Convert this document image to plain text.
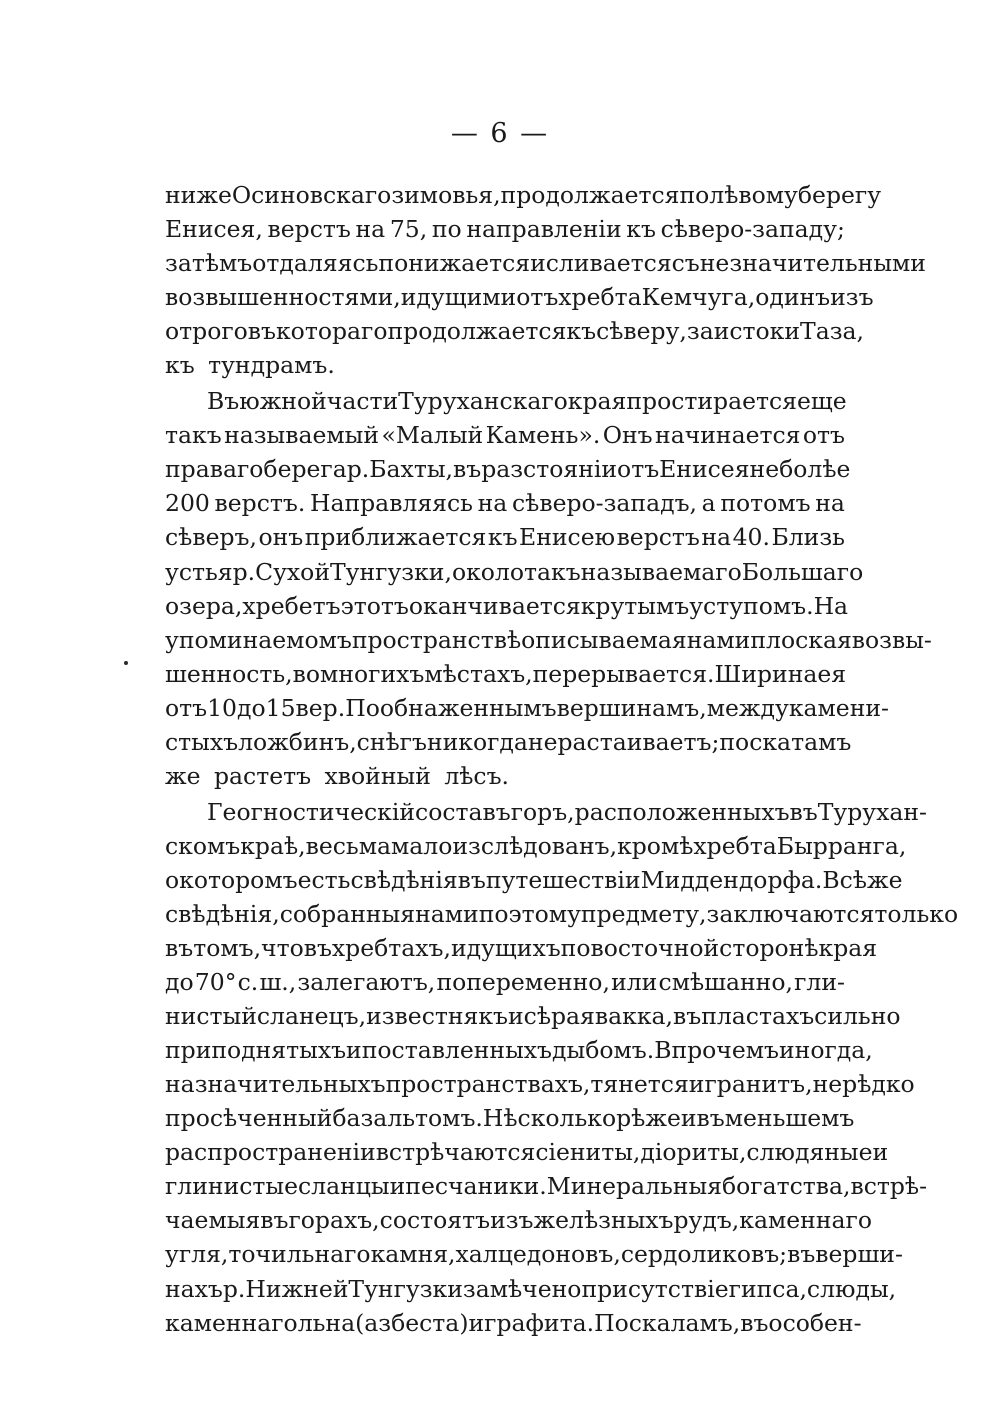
— 6 —
ниже Осиновскаго зимовья, продолжается по лѣвому берегу
Енисея, верстъ на 75, по направленіи къ сѣверо-западу;
затѣмъ отдаляясь понижается и сливается съ незначительными
возвышенностями, идущими отъ хребта Кемчуга, одинъ изъ
отроговъ котораго продолжается къ сѣверу, за истоки Таза,
къ тундрамъ.
Въ южной части Туруханскаго края простирается еще
такъ называемый «Малый Камень». Онъ начинается отъ
праваго берега р. Бахты, въ разстояніи отъ Енисея не болѣе
200 верстъ. Направляясь на сѣверо-западъ, а потомъ на
сѣверъ, онъ приближается къ Енисею верстъ на 40. Близь
устья р. Сухой Тунгузки, около такъ называемаго Большаго
озера, хребетъ этотъ оканчивается крутымъ уступомъ. На
упоминаемомъ пространствѣ описываемая нами плоская возвы-
шенность, во многихъ мѣстахъ, перерывается. Ширина ея
отъ 10 до 15 вер. По обнаженнымъ вершинамъ, между камени-
стыхъ ложбинъ, снѣгъ никогда нерастаиваетъ; по скатамъ
же растетъ хвойный лѣсъ.
Геогностическій составъ горъ, расположенныхъ въ Турухан-
скомъ краѣ, весьма мало изслѣдованъ, кромѣ хребта Бырранга,
о которомъ есть свѣдѣнія въ путешествіи Миддендорфа. Всѣ же
свѣдѣнія, собранныя нами по этому предмету, заключаются только
въ томъ, что въ хребтахъ, идущихъ по восточной сторонѣ края
до 70° с. ш., залегаютъ, попеременно, или смѣшанно, гли-
нистый сланецъ, известнякъ и сѣрая вакка, въ пластахъ сильно
приподнятыхъ и поставленныхъ дыбомъ. Впрочемъ иногда,
на значительныхъ пространствахъ, тянется и гранитъ, нерѣдко
просѣченный базальтомъ. Нѣсколько рѣже и въ меньшемъ
распространеніи встрѣчаются сіениты, діориты, слюдяные и
глинистые сланцы и песчаники. Минеральныя богатства, встрѣ-
чаемыя въ горахъ, состоятъ изъ желѣзныхъ рудъ, каменнаго
угля, точильнаго камня, халцедоновъ, сердоликовъ; въ верши-
нахъ р. Нижней Тунгузки замѣчено присутствіе гипса, слюды,
каменнаго льна (азбеста) и графита. По скаламъ, въ особен-
